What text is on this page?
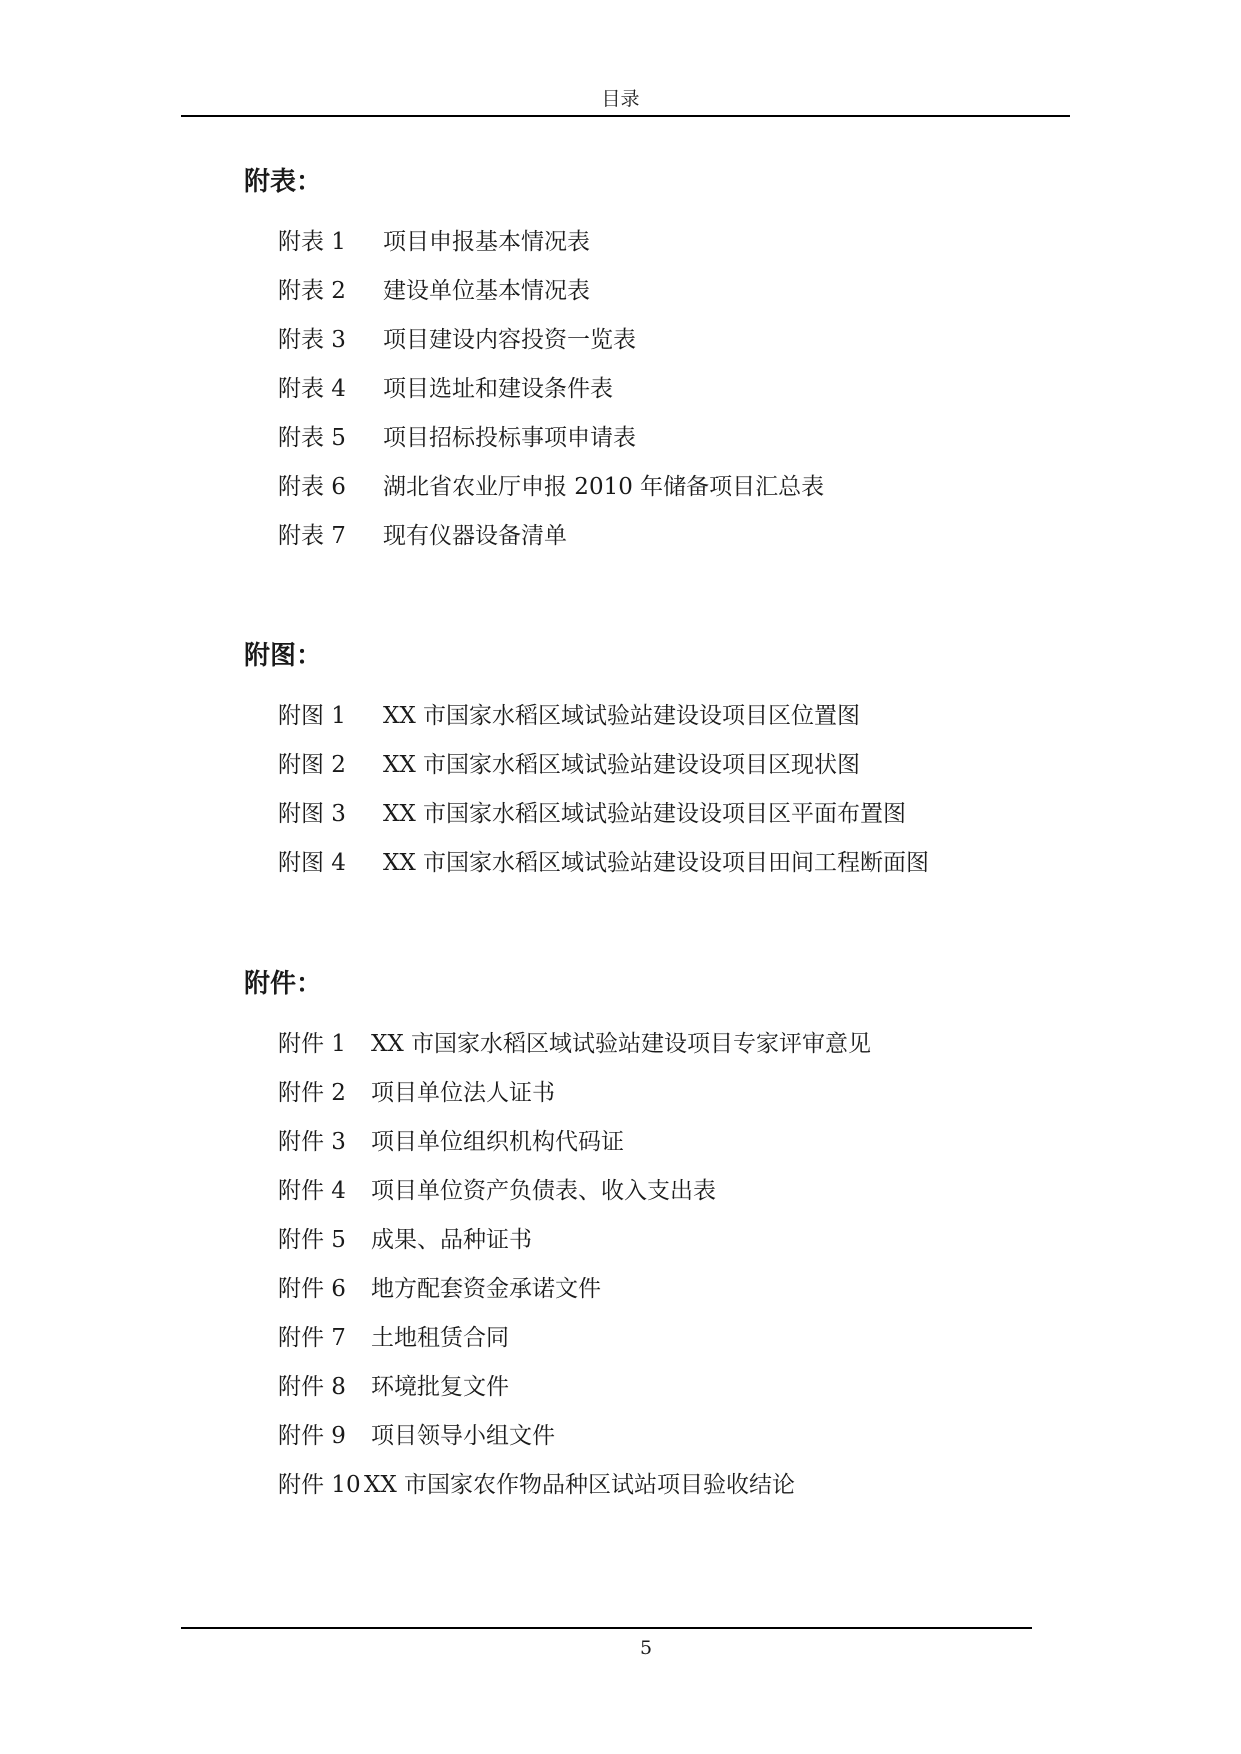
目录
附表：
附表 1 项目申报基本情况表
附表 2 建设单位基本情况表
附表 3 项目建设内容投资一览表
附表 4 项目选址和建设条件表
附表 5 项目招标投标事项申请表
附表 6 湖北省农业厅申报 2010 年储备项目汇总表
附表 7 现有仪器设备清单
附图：
附图 1 XX 市国家水稻区域试验站建设设项目区位置图
附图 2 XX 市国家水稻区域试验站建设设项目区现状图
附图 3 XX 市国家水稻区域试验站建设设项目区平面布置图
附图 4 XX 市国家水稻区域试验站建设设项目田间工程断面图
附件：
附件 1 XX 市国家水稻区域试验站建设项目专家评审意见
附件 2 项目单位法人证书
附件 3 项目单位组织机构代码证
附件 4 项目单位资产负债表、收入支出表
附件 5 成果、品种证书
附件 6 地方配套资金承诺文件
附件 7 土地租赁合同
附件 8 环境批复文件
附件 9 项目领导小组文件
附件 10 XX 市国家农作物品种区试站项目验收结论
5
